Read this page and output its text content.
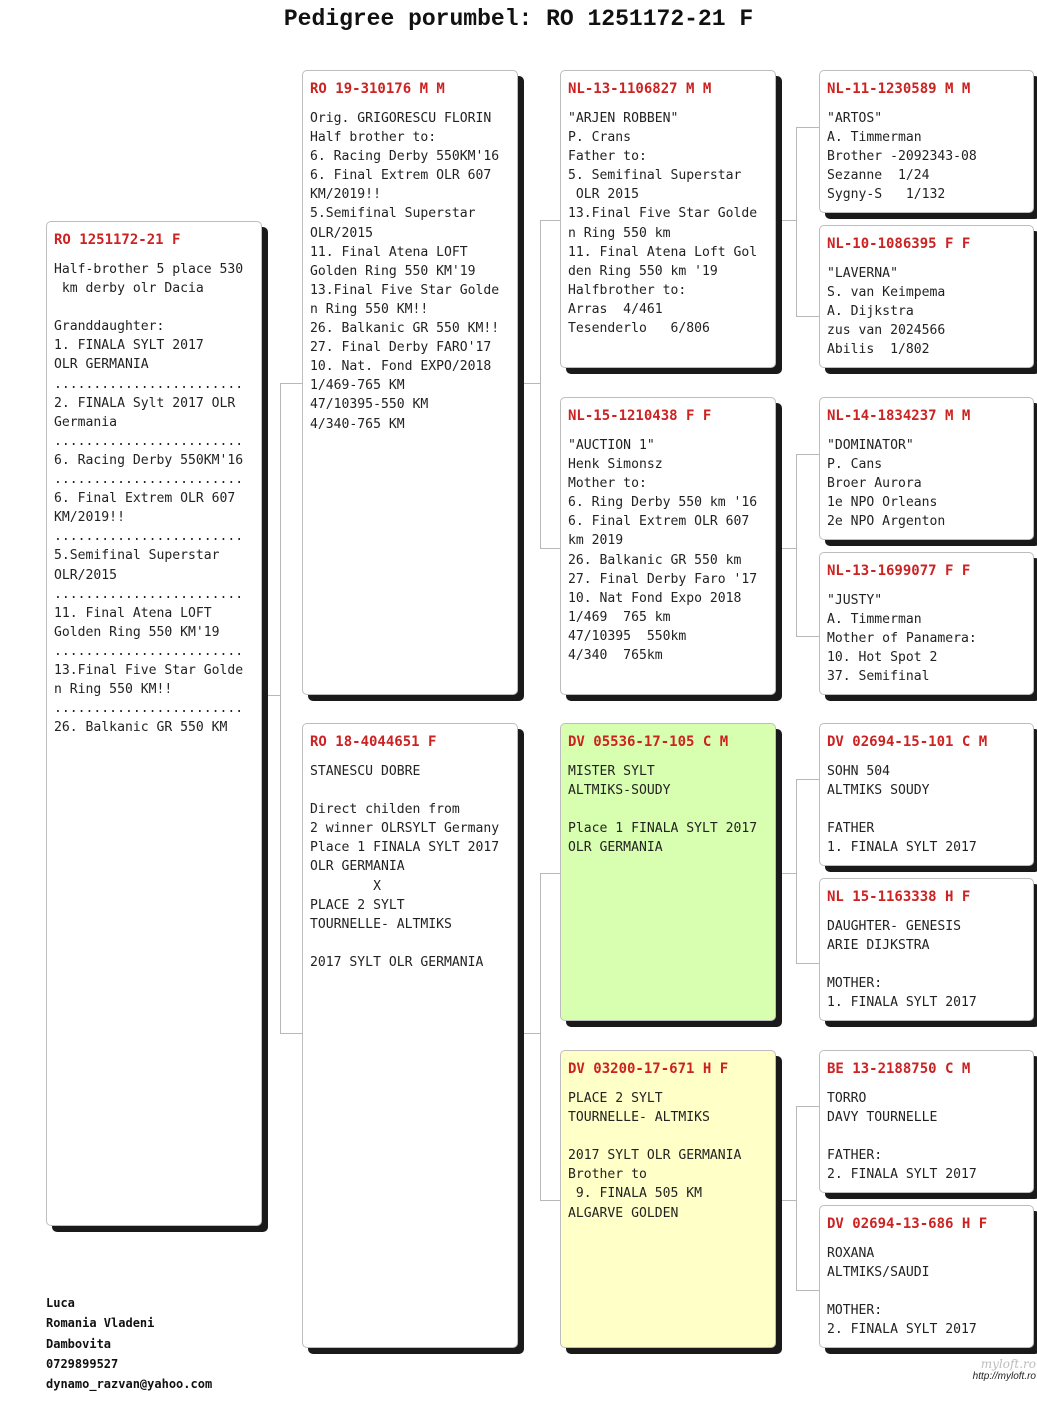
Pedigree porumbel: RO 1251172-21 F
RO 1251172-21 F
Half-brother 5 place 530
km derby olr Dacia
Granddaughter:
1. FINALA SYLT 2017
OLR GERMANIA
........................
2. FINALA Sylt 2017 OLR
Germania
........................
6. Racing Derby 550KM'16
........................
6. Final Extrem OLR 607
KM/2019!!
........................
5.Semifinal Superstar
OLR/2015
........................
11. Final Atena LOFT
Golden Ring 550 KM'19
........................
13.Final Five Star Golde
n Ring 550 KM!!
........................
26. Balkanic GR 550 KM
RO 19-310176 M M
Orig. GRIGORESCU FLORIN
Half brother to:
6. Racing Derby 550KM'16
6. Final Extrem OLR 607
KM/2019!!
5.Semifinal Superstar
OLR/2015
11. Final Atena LOFT
Golden Ring 550 KM'19
13.Final Five Star Golde
n Ring 550 KM!!
26. Balkanic GR 550 KM!!
27. Final Derby FARO'17
10. Nat. Fond EXPO/2018
1/469-765 KM
47/10395-550 KM
4/340-765 KM
RO 18-4044651 F
STANESCU DOBRE
Direct childen from
2 winner OLRSYLT Germany
Place 1 FINALA SYLT 2017
OLR GERMANIA
X
PLACE 2 SYLT
TOURNELLE- ALTMIKS
2017 SYLT OLR GERMANIA
NL-13-1106827 M M
"ARJEN ROBBEN"
P. Crans
Father to:
5. Semifinal Superstar
OLR 2015
13.Final Five Star Golde
n Ring 550 km
11. Final Atena Loft Gol
den Ring 550 km '19
Halfbrother to:
Arras  4/461
Tesenderlo   6/806
NL-15-1210438 F F
"AUCTION 1"
Henk Simonsz
Mother to:
6. Ring Derby 550 km '16
6. Final Extrem OLR 607
km 2019
26. Balkanic GR 550 km
27. Final Derby Faro '17
10. Nat Fond Expo 2018
1/469  765 km
47/10395  550km
4/340  765km
DV 05536-17-105 C M
MISTER SYLT
ALTMIKS-SOUDY
Place 1 FINALA SYLT 2017
OLR GERMANIA
DV 03200-17-671 H F
PLACE 2 SYLT
TOURNELLE- ALTMIKS
2017 SYLT OLR GERMANIA
Brother to
9. FINALA 505 KM
ALGARVE GOLDEN
NL-11-1230589 M M
"ARTOS"
A. Timmerman
Brother -2092343-08
Sezanne  1/24
Sygny-S   1/132
NL-10-1086395 F F
"LAVERNA"
S. van Keimpema
A. Dijkstra
zus van 2024566
Abilis  1/802
NL-14-1834237 M M
"DOMINATOR"
P. Cans
Broer Aurora
1e NPO Orleans
2e NPO Argenton
NL-13-1699077 F F
"JUSTY"
A. Timmerman
Mother of Panamera:
10. Hot Spot 2
37. Semifinal
DV 02694-15-101 C M
SOHN 504
ALTMIKS SOUDY
FATHER
1. FINALA SYLT 2017
NL 15-1163338 H F
DAUGHTER- GENESIS
ARIE DIJKSTRA
MOTHER:
1. FINALA SYLT 2017
BE 13-2188750 C M
TORRO
DAVY TOURNELLE
FATHER:
2. FINALA SYLT 2017
DV 02694-13-686 H F
ROXANA
ALTMIKS/SAUDI
MOTHER:
2. FINALA SYLT 2017
Luca
Romania Vladeni
Dambovita
0729899527
dynamo_razvan@yahoo.com
myloft.ro
http://myloft.ro
